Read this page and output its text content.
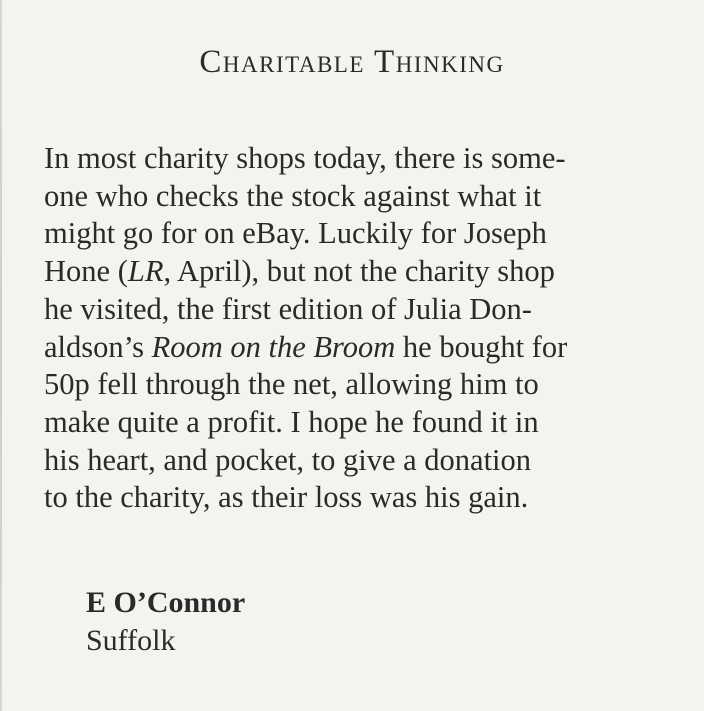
Charitable Thinking
In most charity shops today, there is some-
one who checks the stock against what it
might go for on eBay. Luckily for Joseph
Hone (LR, April), but not the charity shop
he visited, the first edition of Julia Don-
aldson’s Room on the Broom he bought for
50p fell through the net, allowing him to
make quite a profit. I hope he found it in
his heart, and pocket, to give a donation
to the charity, as their loss was his gain.
E O’Connor
Suffolk
